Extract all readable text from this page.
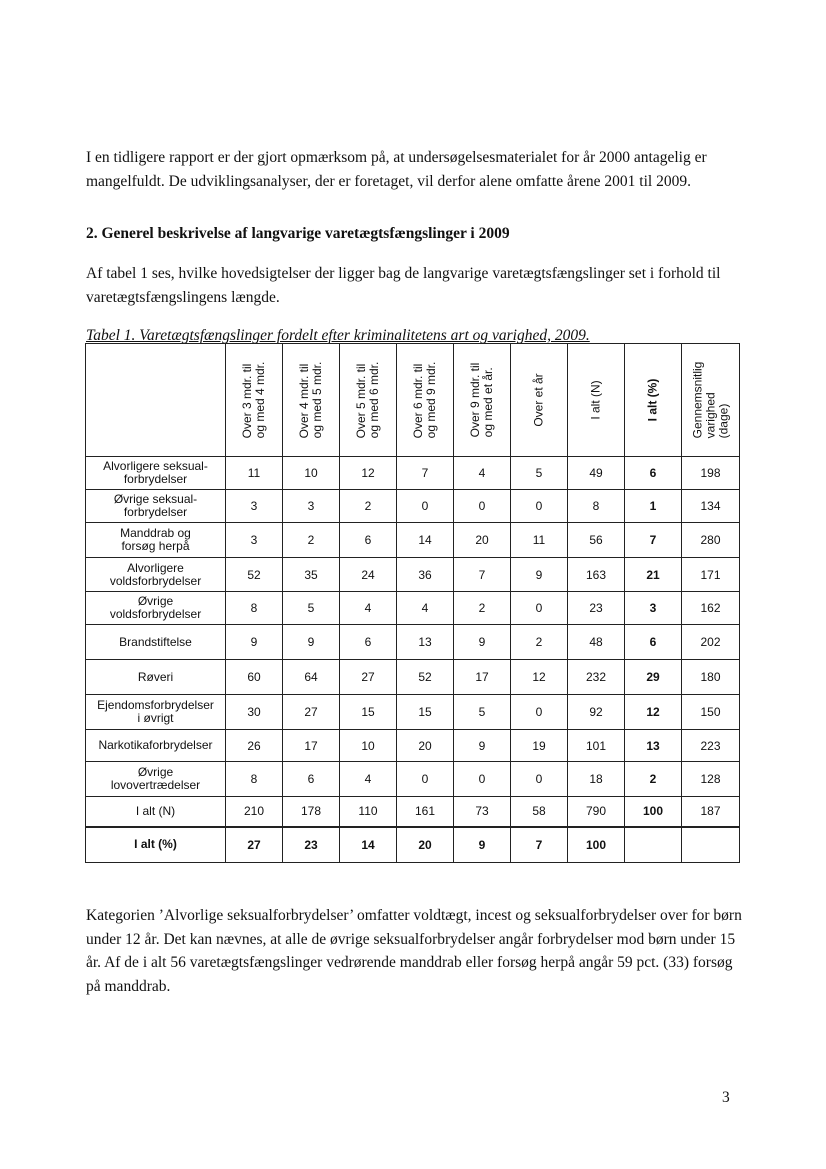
I en tidligere rapport er der gjort opmærksom på, at undersøgelsesmaterialet for år 2000 antagelig er mangelfuldt. De udviklingsanalyser, der er foretaget, vil derfor alene omfatte årene 2001 til 2009.

2. Generel beskrivelse af langvarige varetægtsfængslinger i 2009

Af tabel 1 ses, hvilke hovedsigtelser der ligger bag de langvarige varetægtsfængslinger set i forhold til varetægtsfængslingens længde.

Tabel 1. Varetægtsfængslinger fordelt efter kriminalitetens art og varighed, 2009.

	Over 3 mdr. til
og med 4 mdr.	Over 4 mdr. til
og med 5 mdr.	Over 5 mdr. til
og med 6 mdr.	Over 6 mdr. til
og med 9 mdr.	Over 9 mdr. til
og med et år.	Over et år	I alt (N)	I alt (%)	Gennemsnitlig
varighed
(dage)

Alvorligere seksual-
forbrydelser	11	10	12	7	4	5	49	6	198
Øvrige seksual-
forbrydelser	3	3	2	0	0	0	8	1	134
Manddrab og
forsøg herpå	3	2	6	14	20	11	56	7	280
Alvorligere
voldsforbrydelser	52	35	24	36	7	9	163	21	171
Øvrige
voldsforbrydelser	8	5	4	4	2	0	23	3	162
Brandstiftelse	9	9	6	13	9	2	48	6	202
Røveri	60	64	27	52	17	12	232	29	180
Ejendomsforbrydelser
i øvrigt	30	27	15	15	5	0	92	12	150
Narkotikaforbrydelser	26	17	10	20	9	19	101	13	223
Øvrige
lovovertrædelser	8	6	4	0	0	0	18	2	128
I alt (N)	210	178	110	161	73	58	790	100	187
I alt (%)	27	23	14	20	9	7	100		

Kategorien ’Alvorlige seksualforbrydelser’ omfatter voldtægt, incest og seksualforbrydelser over for børn under 12 år. Det kan nævnes, at alle de øvrige seksualforbrydelser angår forbrydelser mod børn under 15 år. Af de i alt 56 varetægtsfængslinger vedrørende manddrab eller forsøg herpå angår 59 pct. (33) forsøg på manddrab.

3
